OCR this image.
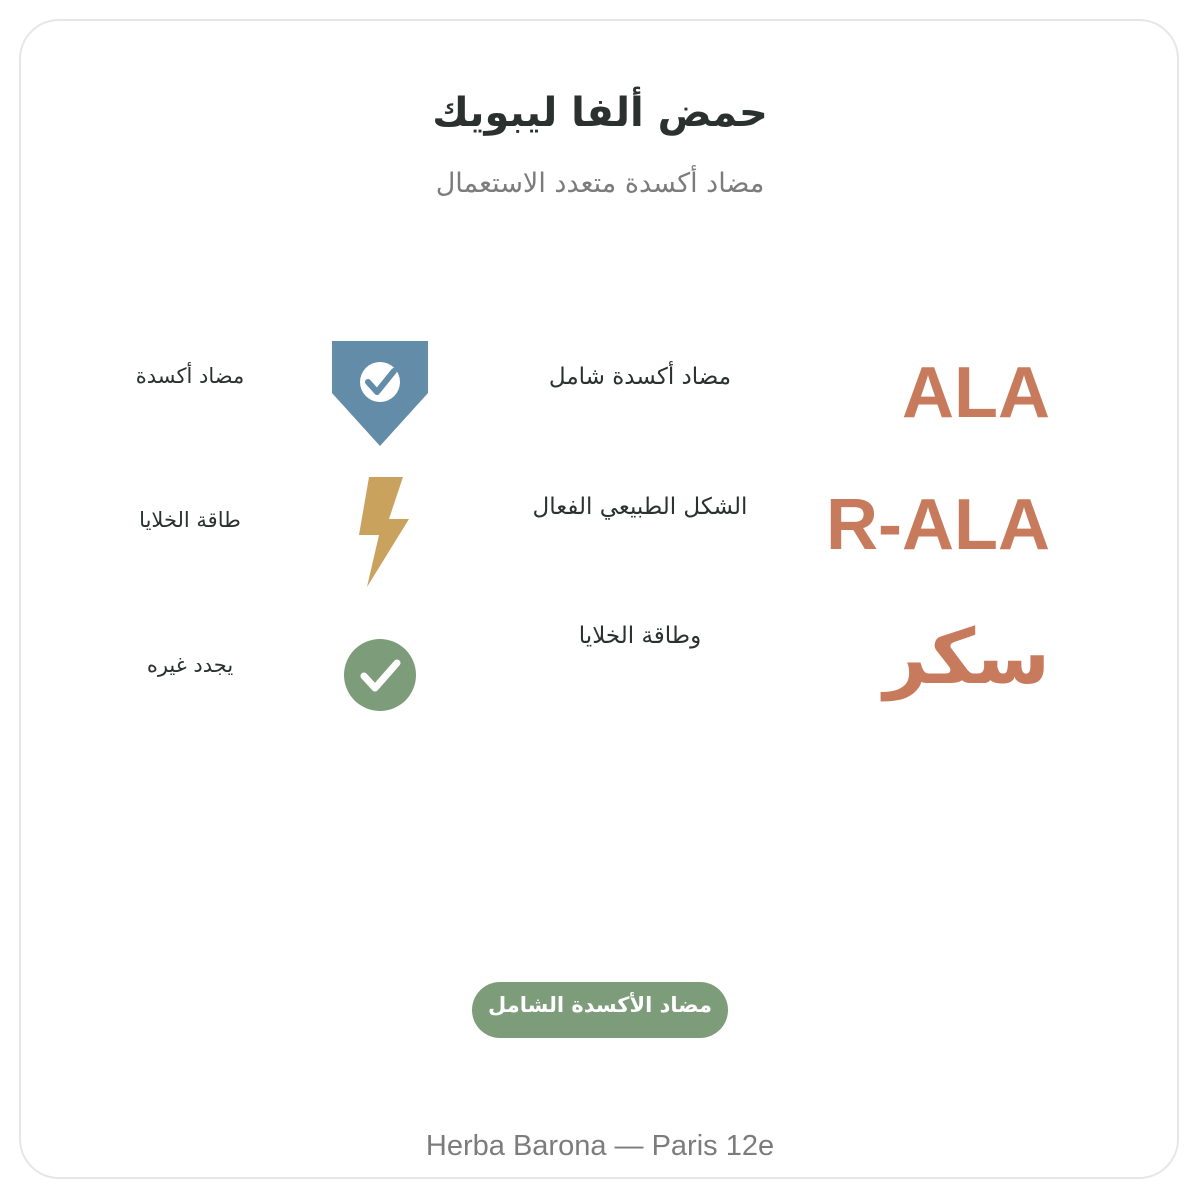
حمض ألفا ليبويك
مضاد أكسدة متعدد الاستعمال
ALA
R-ALA
سكر
مضاد أكسدة شامل
الشكل الطبيعي الفعال
وطاقة الخلايا
مضاد أكسدة
طاقة الخلايا
يجدد غيره
مضاد الأكسدة الشامل
Herba Barona — Paris 12e
